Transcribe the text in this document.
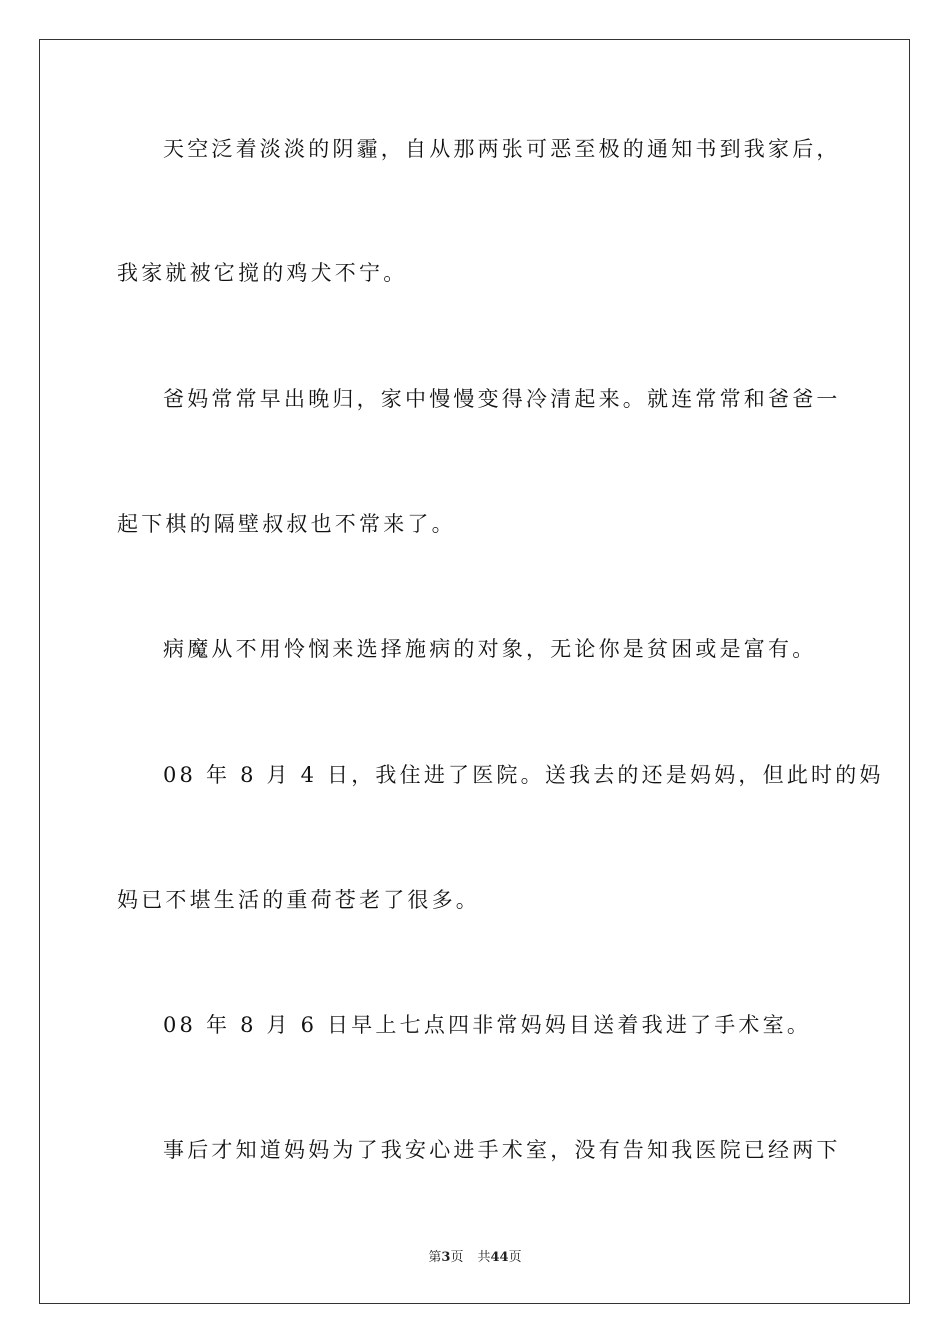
天空泛着淡淡的阴霾，自从那两张可恶至极的通知书到我家后，
我家就被它搅的鸡犬不宁。
爸妈常常早出晚归，家中慢慢变得冷清起来。就连常常和爸爸一
起下棋的隔壁叔叔也不常来了。
病魔从不用怜悯来选择施病的对象，无论你是贫困或是富有。
08 年 8 月 4 日，我住进了医院。送我去的还是妈妈，但此时的妈
妈已不堪生活的重荷苍老了很多。
08 年 8 月 6 日早上七点四非常妈妈目送着我进了手术室。
事后才知道妈妈为了我安心进手术室，没有告知我医院已经两下
第3页 共44页
